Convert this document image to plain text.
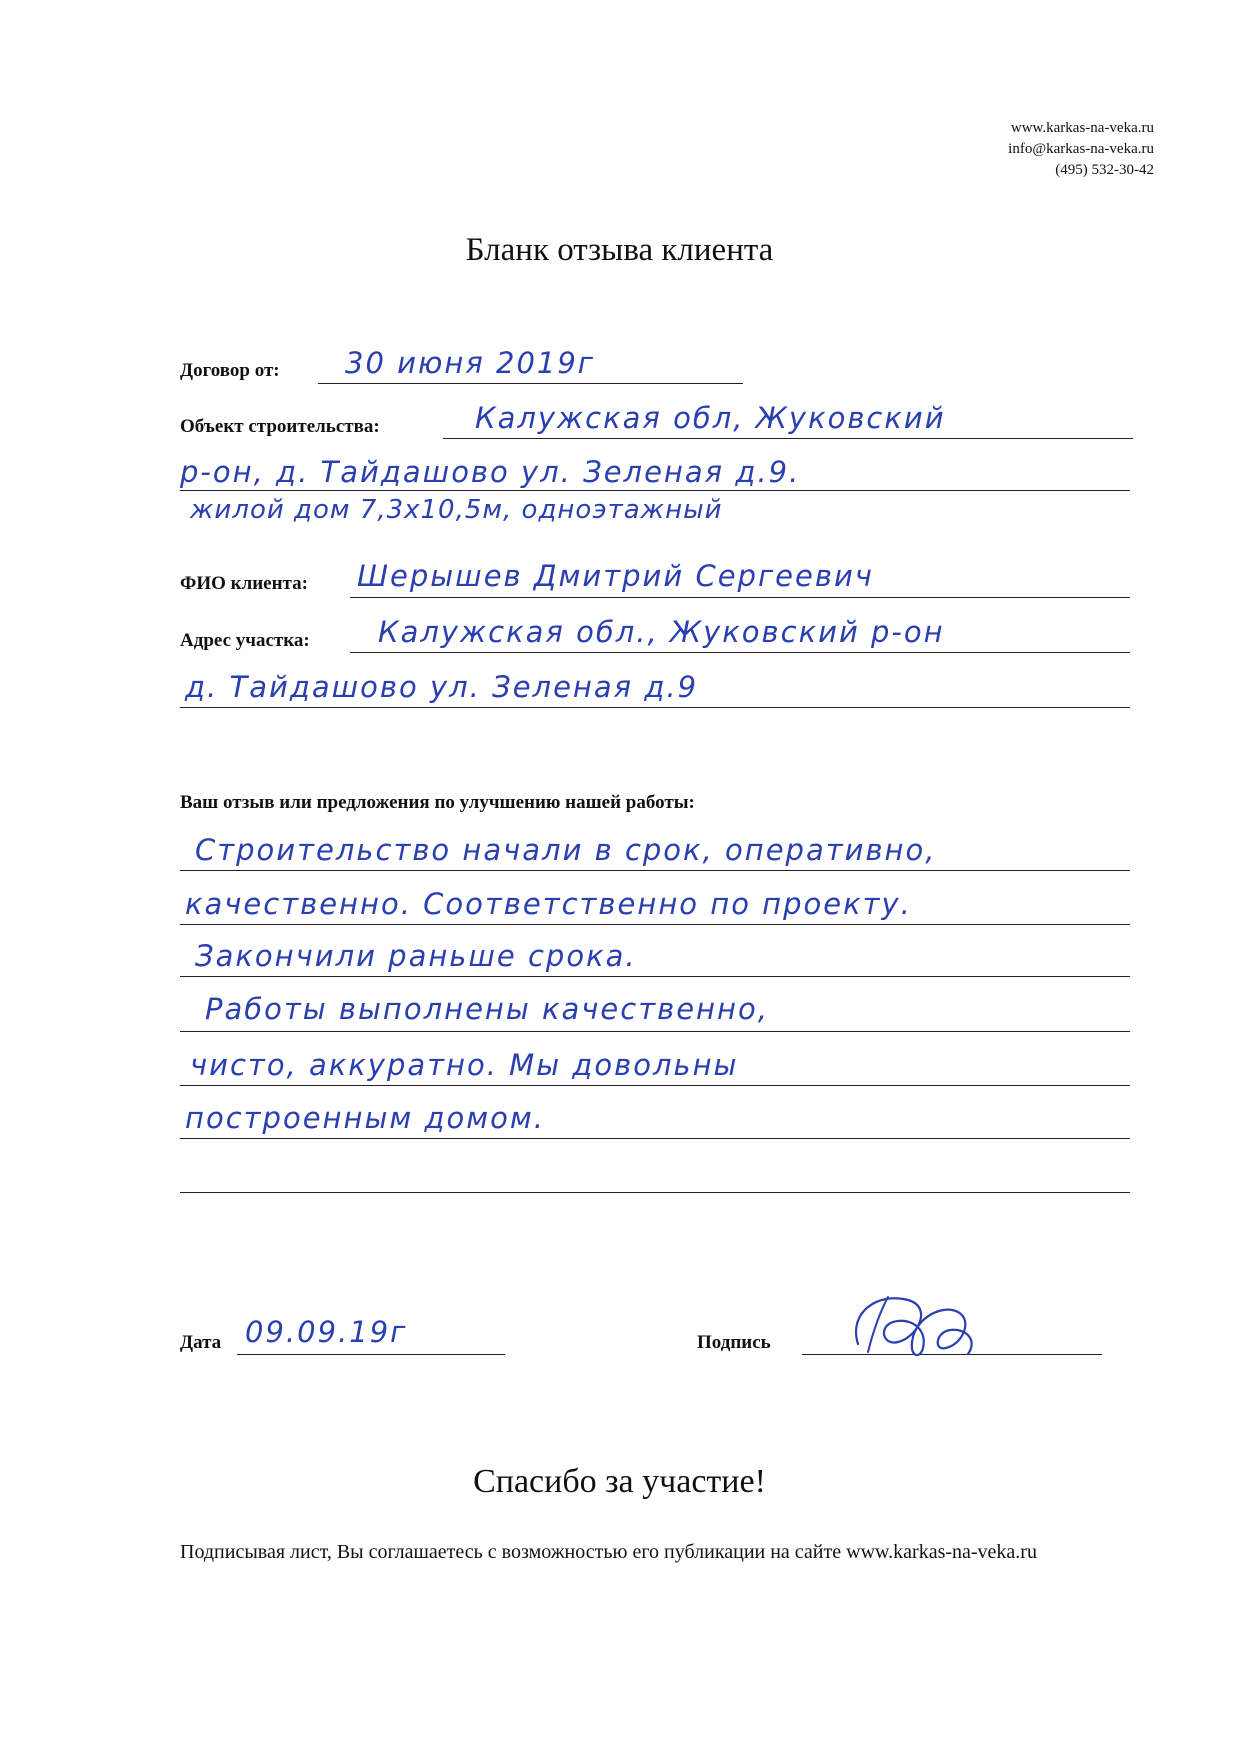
www.karkas-na-veka.ru
info@karkas-na-veka.ru
(495) 532-30-42
Бланк отзыва клиента
Договор от: 30 июня 2019г
Объект строительства:	Калужская обл, Жуковский
р-он, д. Тайдашово ул. Зеленая д.9.
жилой дом 7,3х10,5м, одноэтажный
ФИО клиента: Шерышев Дмитрий Сергеевич
Адрес участка: Калужская обл., Жуковский р-он
д. Тайдашово ул. Зеленая д.9
Ваш отзыв или предложения по улучшению нашей работы:
Строительство начали в срок, оперативно,
качественно. Соответственно по проекту.
Закончили раньше срока.
Работы выполнены качественно,
чисто, аккуратно. Мы довольны
построенным домом.
Дата 09.09.19г	Подпись
Спасибо за участие!
Подписывая лист, Вы соглашаетесь с возможностью его публикации на сайте www.karkas-na-veka.ru
